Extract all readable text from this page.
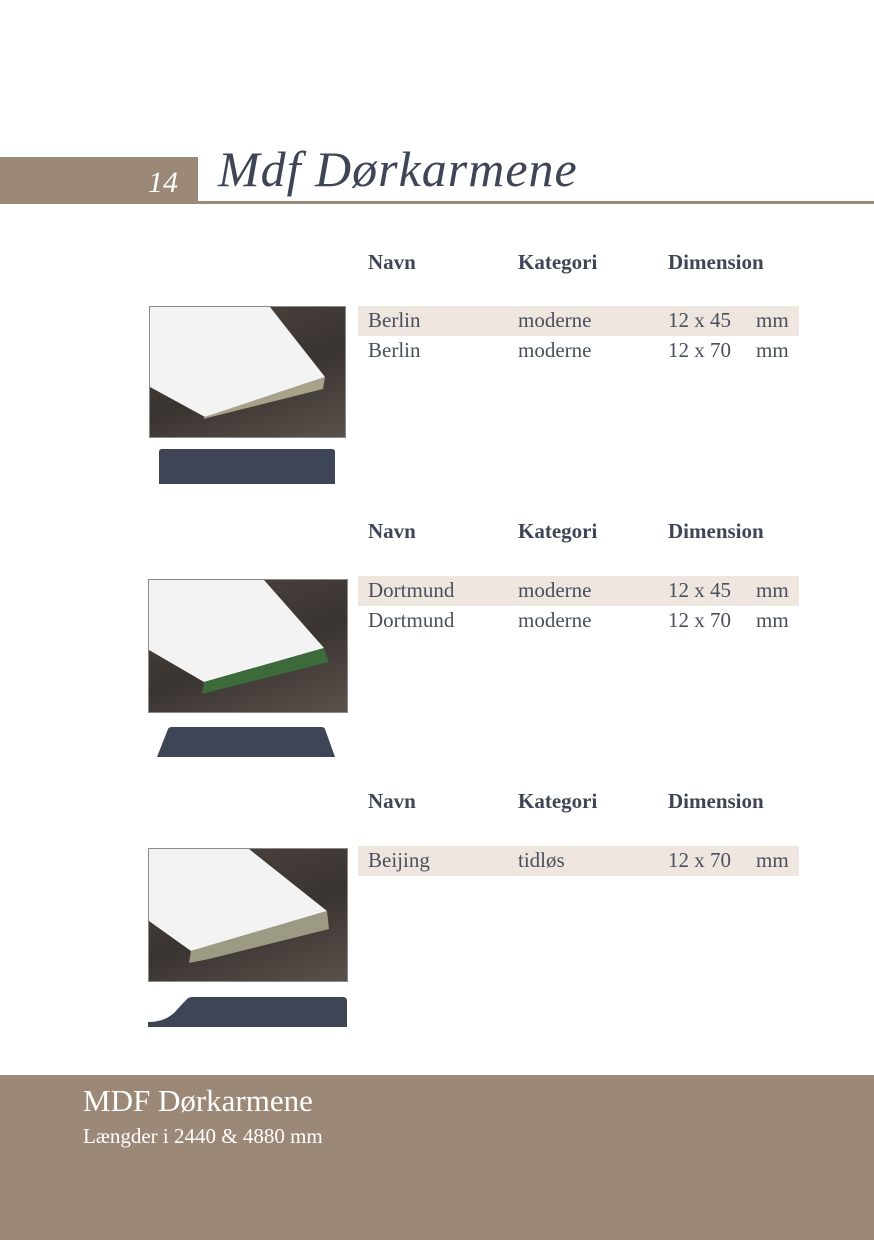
14 Mdf Dørkarmene
Navn	Kategori	Dimension
Berlin	moderne	12 x 45 mm
Berlin	moderne	12 x 70 mm
Navn	Kategori	Dimension
Dortmund	moderne	12 x 45 mm
Dortmund	moderne	12 x 70 mm
Navn	Kategori	Dimension
Beijing	tidløs	12 x 70 mm
MDF Dørkarmene
Længder i 2440 & 4880 mm
